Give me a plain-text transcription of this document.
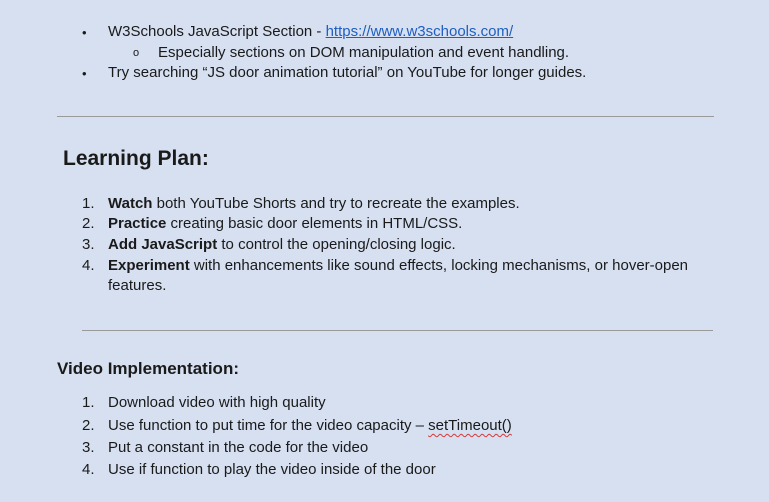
• W3Schools JavaScript Section - https://www.w3schools.com/
o Especially sections on DOM manipulation and event handling.
• Try searching “JS door animation tutorial” on YouTube for longer guides.
Learning Plan:
1. Watch both YouTube Shorts and try to recreate the examples.
2. Practice creating basic door elements in HTML/CSS.
3. Add JavaScript to control the opening/closing logic.
4. Experiment with enhancements like sound effects, locking mechanisms, or hover-open
features.
Video Implementation:
1. Download video with high quality
2. Use function to put time for the video capacity – setTimeout()
3. Put a constant in the code for the video
4. Use if function to play the video inside of the door
